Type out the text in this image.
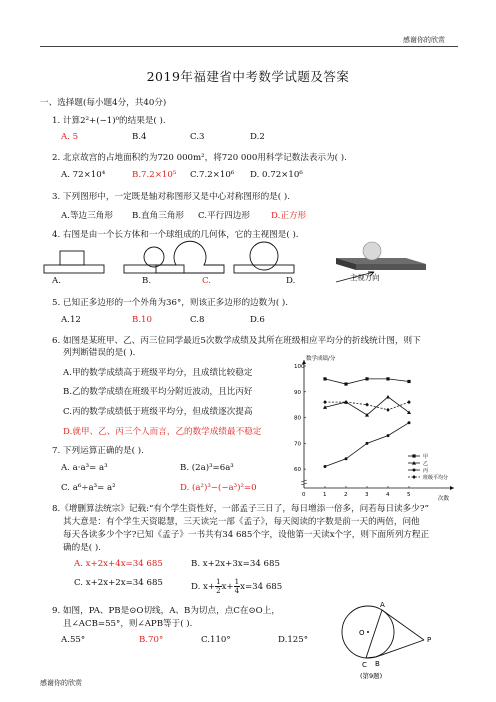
感谢你的欣赏
感谢你的欣赏
2019年福建省中考数学试题及答案
一、选择题(每小题4分，共40分)
1. 计算2²+(−1)⁰的结果是( ).
A. 5	B.4	C.3	D.2
2. 北京故宫的占地面积约为720 000m²，将720 000用科学记数法表示为( ).
A. 72×10⁴	B.7.2×10⁵ C.7.2×10⁶ D. 0.72×10⁶
3. 下列图形中，一定既是轴对称图形又是中心对称图形的是( ).
A.等边三角形 B.直角三角形 C.平行四边形 D.正方形
4. 右图是由一个长方体和一个球组成的几何体，它的主视图是( ).
A.	B.	C.	D.	主视方向
5. 已知正多边形的一个外角为36°，则该正多边形的边数为( ).
A.12	B.10	C.8	D.6
6. 如图是某班甲、乙、丙三位同学最近5次数学成绩及其所在班级相应平均分的折线统计图，则下
列判断错误的是( ).
A.甲的数学成绩高于班级平均分，且成绩比较稳定
B.乙的数学成绩在班级平均分附近波动，且比丙好
C.丙的数学成绩低于班级平均分，但成绩逐次提高
D.就甲、乙、丙三个人而言，乙的数学成绩最不稳定
数学成绩/分
次数
0	1	2	3	4	5
60
70
80
90
100
甲
乙
丙
班级平均分
7. 下列运算正确的是( ).
A. a·a³= a³	B. (2a)³=6a³
C. a⁶÷a³= a²	D. (a²)³−(−a³)²=0
8.《增删算法统宗》记载:“有个学生资性好，一部孟子三日了，每日增添一倍多，问若每日读多少?”
其大意是：有个学生天资聪慧，三天读完一部《孟子》，每天阅读的字数是前一天的两倍，问他
每天各读多少个字?已知《孟子》一书共有34 685个字，设他第一天读x个字，则下面所列方程正
确的是( ).
A. x+2x+4x=34 685	B. x+2x+3x=34 685
C. x+2x+2x=34 685	D. $x+ \frac{1}{2} x+ \frac{1}{4} x=34$ 685
9. 如图，PA、PB是⊙O切线，A、B为切点，点C在⊙O上，
且∠ACB=55°，则∠APB等于( ).
A.55°	B.70°	C.110°	D.125°
A
O
P
C B
(第9题)
